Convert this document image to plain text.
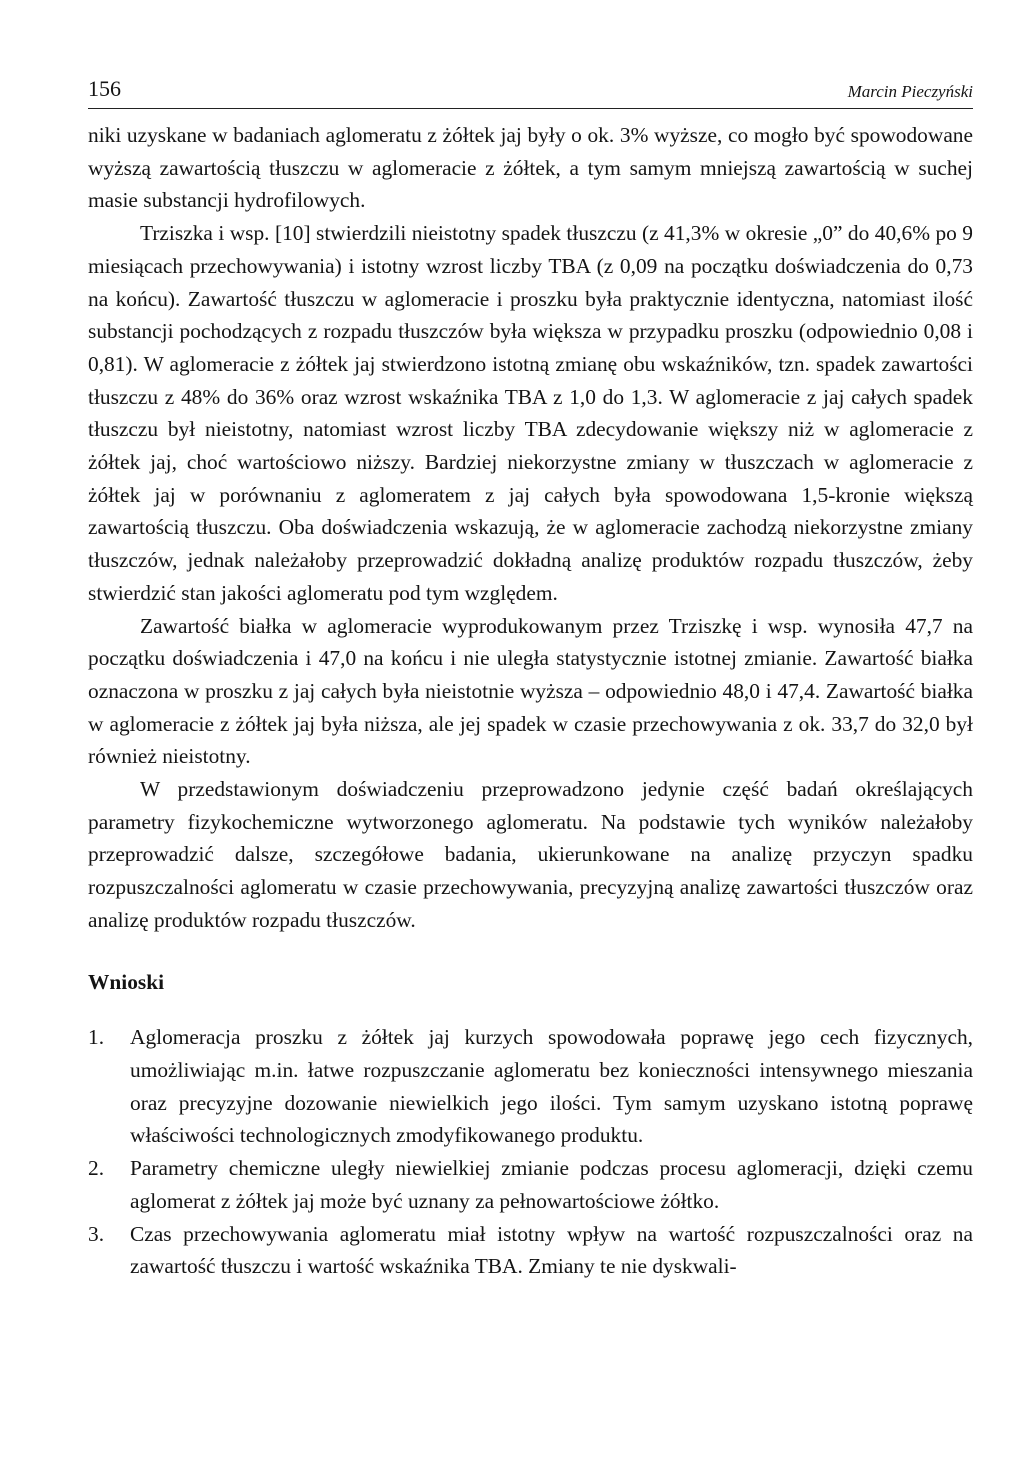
156	Marcin Pieczyński

niki uzyskane w badaniach aglomeratu z żółtek jaj były o ok. 3% wyższe, co mogło być spowodowane wyższą zawartością tłuszczu w aglomeracie z żółtek, a tym samym mniejszą zawartością w suchej masie substancji hydrofilowych.

Trziszka i wsp. [10] stwierdzili nieistotny spadek tłuszczu (z 41,3% w okresie „0” do 40,6% po 9 miesiącach przechowywania) i istotny wzrost liczby TBA (z 0,09 na początku doświadczenia do 0,73 na końcu). Zawartość tłuszczu w aglomeracie i proszku była praktycznie identyczna, natomiast ilość substancji pochodzących z rozpadu tłuszczów była większa w przypadku proszku (odpowiednio 0,08 i 0,81). W aglomeracie z żółtek jaj stwierdzono istotną zmianę obu wskaźników, tzn. spadek zawartości tłuszczu z 48% do 36% oraz wzrost wskaźnika TBA z 1,0 do 1,3. W aglomeracie z jaj całych spadek tłuszczu był nieistotny, natomiast wzrost liczby TBA zdecydowanie większy niż w aglomeracie z żółtek jaj, choć wartościowo niższy. Bardziej niekorzystne zmiany w tłuszczach w aglomeracie z żółtek jaj w porównaniu z aglomeratem z jaj całych była spowodowana 1,5-kronie większą zawartością tłuszczu. Oba doświadczenia wskazują, że w aglomeracie zachodzą niekorzystne zmiany tłuszczów, jednak należałoby przeprowadzić dokładną analizę produktów rozpadu tłuszczów, żeby stwierdzić stan jakości aglomeratu pod tym względem.

Zawartość białka w aglomeracie wyprodukowanym przez Trziszkę i wsp. wynosiła 47,7 na początku doświadczenia i 47,0 na końcu i nie uległa statystycznie istotnej zmianie. Zawartość białka oznaczona w proszku z jaj całych była nieistotnie wyższa – odpowiednio 48,0 i 47,4. Zawartość białka w aglomeracie z żółtek jaj była niższa, ale jej spadek w czasie przechowywania z ok. 33,7 do 32,0 był również nieistotny.

W przedstawionym doświadczeniu przeprowadzono jedynie część badań określających parametry fizykochemiczne wytworzonego aglomeratu. Na podstawie tych wyników należałoby przeprowadzić dalsze, szczegółowe badania, ukierunkowane na analizę przyczyn spadku rozpuszczalności aglomeratu w czasie przechowywania, precyzyjną analizę zawartości tłuszczów oraz analizę produktów rozpadu tłuszczów.

Wnioski
1. Aglomeracja proszku z żółtek jaj kurzych spowodowała poprawę jego cech fizycznych, umożliwiając m.in. łatwe rozpuszczanie aglomeratu bez konieczności intensywnego mieszania oraz precyzyjne dozowanie niewielkich jego ilości. Tym samym uzyskano istotną poprawę właściwości technologicznych zmodyfikowanego produktu.
2. Parametry chemiczne uległy niewielkiej zmianie podczas procesu aglomeracji, dzięki czemu aglomerat z żółtek jaj może być uznany za pełnowartościowe żółtko.
3. Czas przechowywania aglomeratu miał istotny wpływ na wartość rozpuszczalności oraz na zawartość tłuszczu i wartość wskaźnika TBA. Zmiany te nie dyskwali-
